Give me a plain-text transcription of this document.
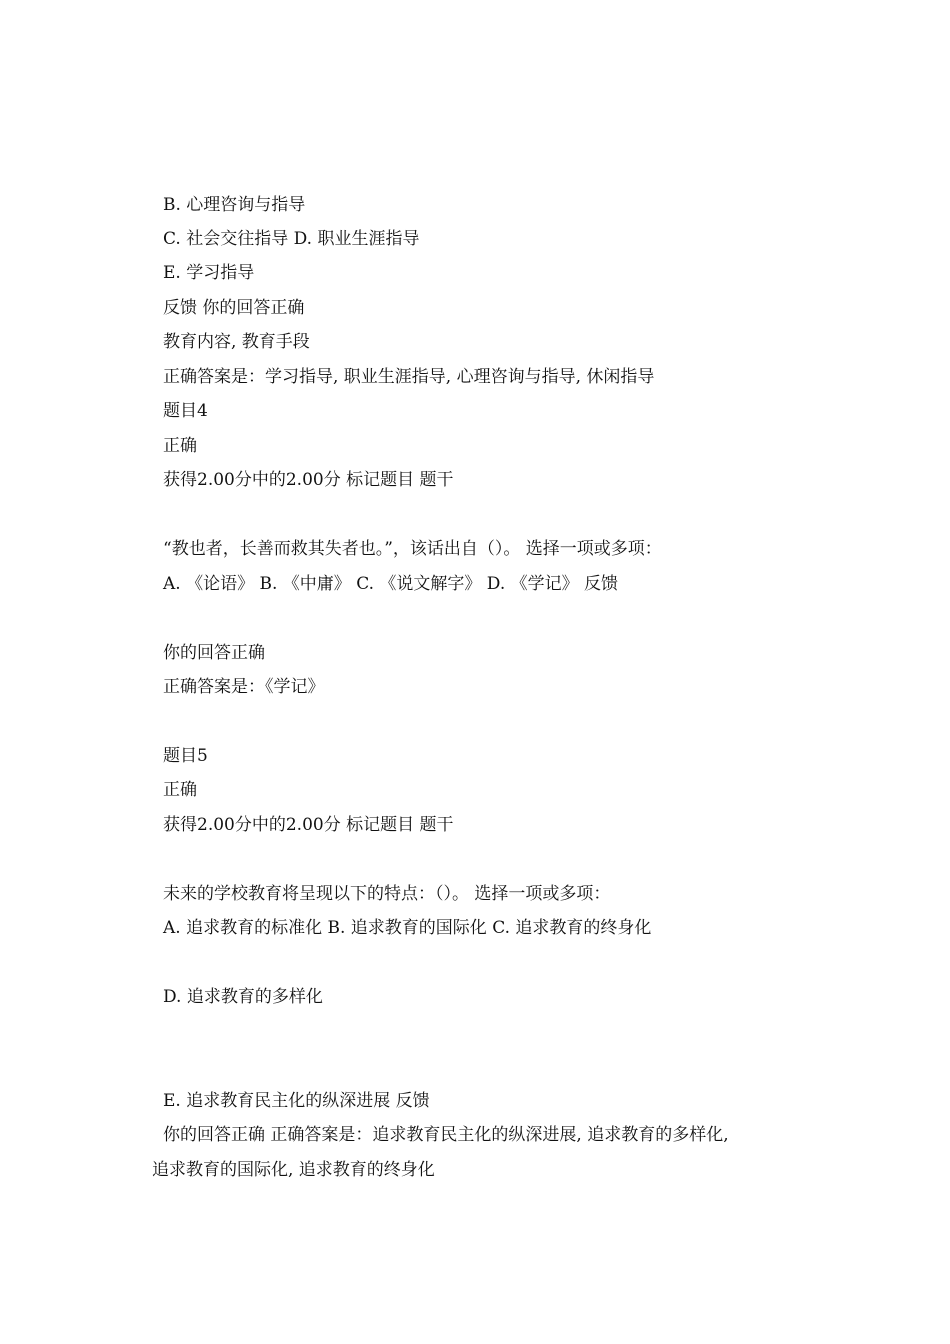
B. 心理咨询与指导
C. 社会交往指导 D. 职业生涯指导
E. 学习指导
反馈 你的回答正确
教育内容, 教育手段
正确答案是：学习指导, 职业生涯指导, 心理咨询与指导, 休闲指导
题目4
正确
获得2.00分中的2.00分 标记题目 题干
“教也者，长善而救其失者也。”，该话出自（）。 选择一项或多项：
A. 《论语》 B. 《中庸》 C. 《说文解字》 D. 《学记》 反馈
你的回答正确
正确答案是：《学记》
题目5
正确
获得2.00分中的2.00分 标记题目 题干
未来的学校教育将呈现以下的特点：（）。 选择一项或多项：
A. 追求教育的标准化 B. 追求教育的国际化 C. 追求教育的终身化
D. 追求教育的多样化
E. 追求教育民主化的纵深进展 反馈
你的回答正确 正确答案是：追求教育民主化的纵深进展, 追求教育的多样化,
追求教育的国际化, 追求教育的终身化
